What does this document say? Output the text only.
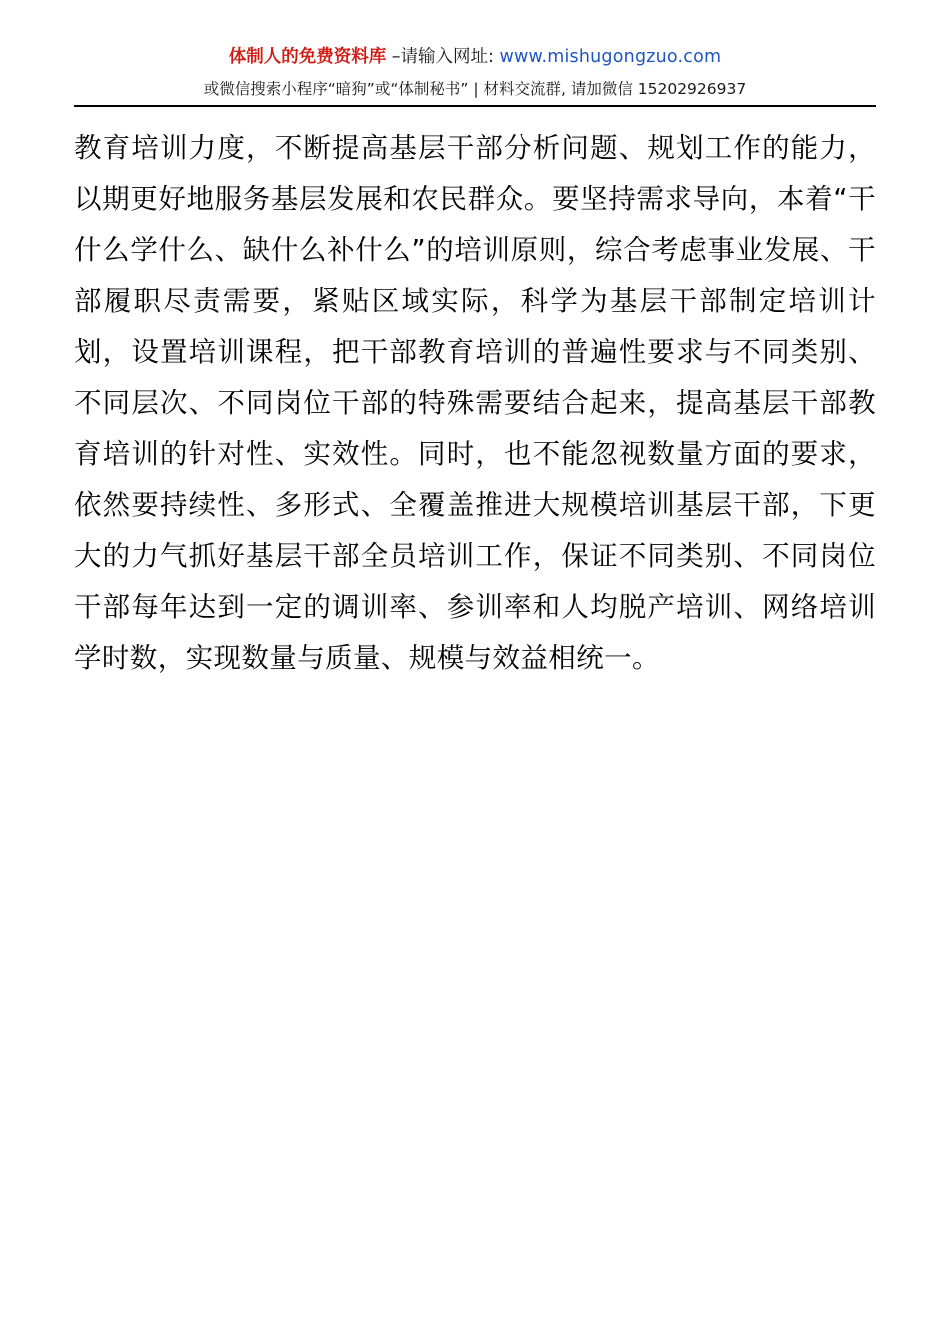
体制人的免费资料库 –请输入网址: www.mishugongzuo.com
或微信搜索小程序“暗狗”或“体制秘书” | 材料交流群, 请加微信 15202926937

教育培训力度，不断提高基层干部分析问题、规划工作的能力，以期更好地服务基层发展和农民群众。要坚持需求导向，本着“干什么学什么、缺什么补什么”的培训原则，综合考虑事业发展、干部履职尽责需要，紧贴区域实际，科学为基层干部制定培训计划，设置培训课程，把干部教育培训的普遍性要求与不同类别、不同层次、不同岗位干部的特殊需要结合起来，提高基层干部教育培训的针对性、实效性。同时，也不能忽视数量方面的要求，依然要持续性、多形式、全覆盖推进大规模培训基层干部，下更大的力气抓好基层干部全员培训工作，保证不同类别、不同岗位干部每年达到一定的调训率、参训率和人均脱产培训、网络培训学时数，实现数量与质量、规模与效益相统一。
